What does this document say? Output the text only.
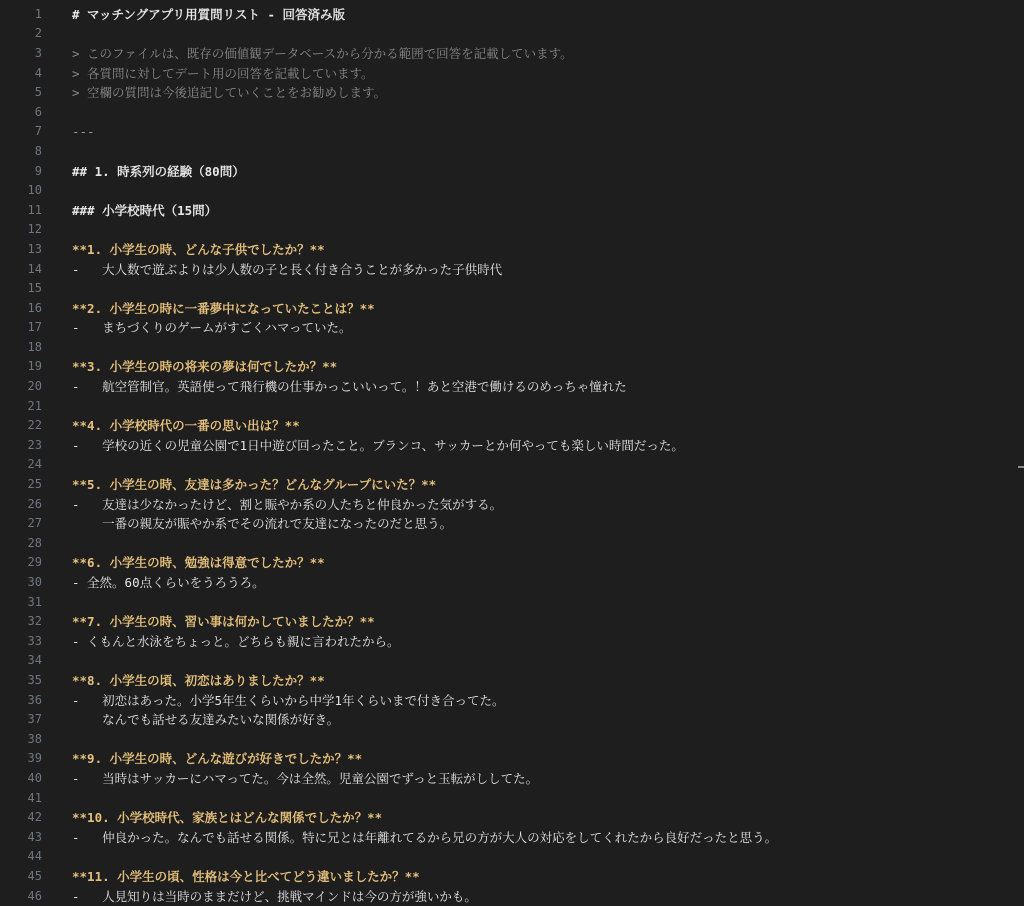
1	# マッチングアプリ用質問リスト - 回答済み版
2
3	> このファイルは、既存の価値観データベースから分かる範囲で回答を記載しています。
4	> 各質問に対してデート用の回答を記載しています。
5	> 空欄の質問は今後追記していくことをお勧めします。
6
7	---
8
9	## 1. 時系列の経験（80問）
10
11	### 小学校時代（15問）
12
13	**1. 小学生の時、どんな子供でしたか？**
14	-   大人数で遊ぶよりは少人数の子と長く付き合うことが多かった子供時代
15
16	**2. 小学生の時に一番夢中になっていたことは？**
17	-   まちづくりのゲームがすごくハマっていた。
18
19	**3. 小学生の時の将来の夢は何でしたか？**
20	-   航空管制官。英語使って飛行機の仕事かっこいいって。！あと空港で働けるのめっちゃ憧れた
21
22	**4. 小学校時代の一番の思い出は？**
23	-   学校の近くの児童公園で1日中遊び回ったこと。ブランコ、サッカーとか何やっても楽しい時間だった。
24
25	**5. 小学生の時、友達は多かった？どんなグループにいた？**
26	-   友達は少なかったけど、割と賑やか系の人たちと仲良かった気がする。
27	一番の親友が賑やか系でその流れで友達になったのだと思う。
28
29	**6. 小学生の時、勉強は得意でしたか？**
30	- 全然。60点くらいをうろうろ。
31
32	**7. 小学生の時、習い事は何かしていましたか？**
33	- くもんと水泳をちょっと。どちらも親に言われたから。
34
35	**8. 小学生の頃、初恋はありましたか？**
36	-   初恋はあった。小学5年生くらいから中学1年くらいまで付き合ってた。
37	なんでも話せる友達みたいな関係が好き。
38
39	**9. 小学生の時、どんな遊びが好きでしたか？**
40	-   当時はサッカーにハマってた。今は全然。児童公園でずっと玉転がししてた。
41
42	**10. 小学校時代、家族とはどんな関係でしたか？**
43	-   仲良かった。なんでも話せる関係。特に兄とは年離れてるから兄の方が大人の対応をしてくれたから良好だったと思う。
44
45	**11. 小学生の頃、性格は今と比べてどう違いましたか？**
46	-   人見知りは当時のままだけど、挑戦マインドは今の方が強いかも。
